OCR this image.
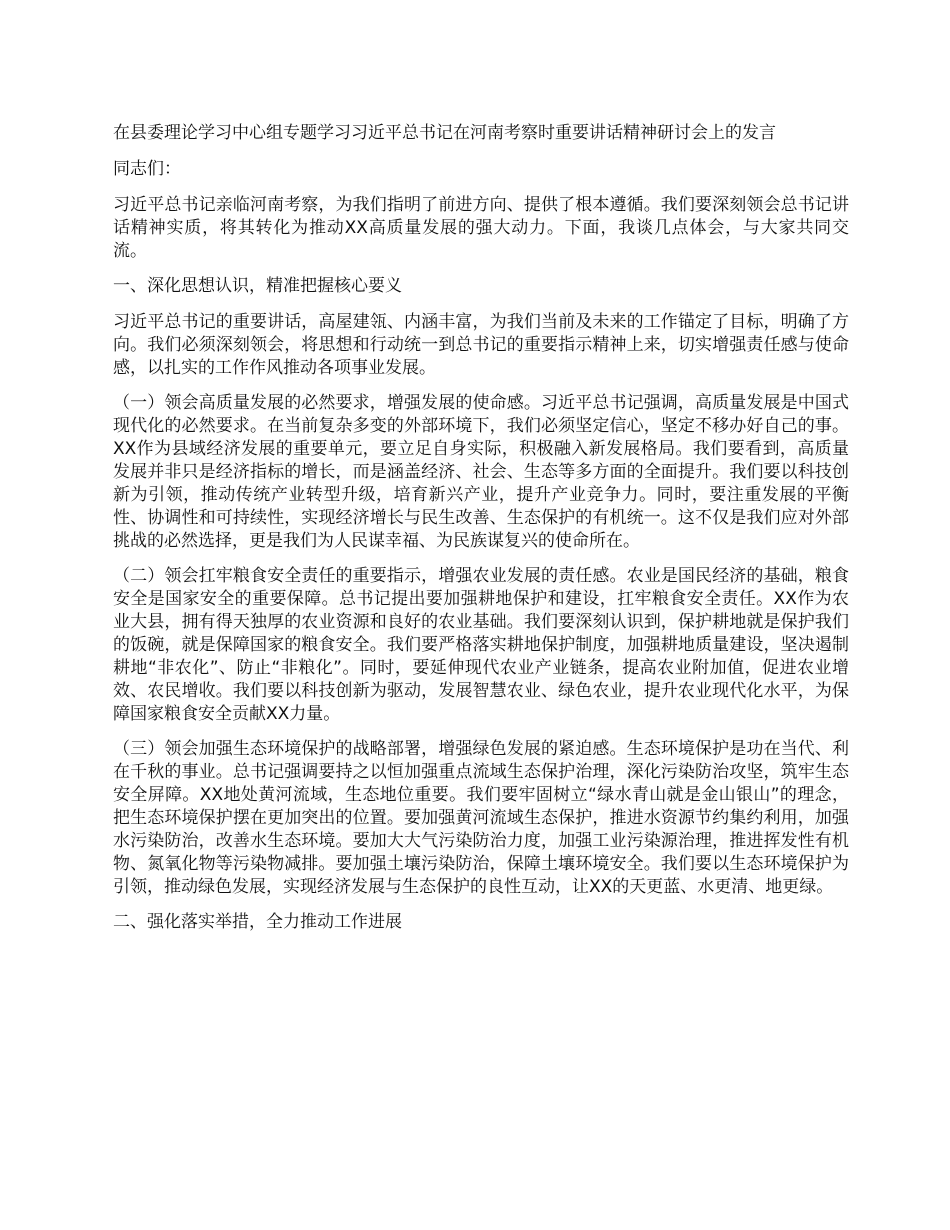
在县委理论学习中心组专题学习习近平总书记在河南考察时重要讲话精神研讨会上的发言

同志们：

习近平总书记亲临河南考察，为我们指明了前进方向、提供了根本遵循。我们要深刻领会总书记讲话精神实质，将其转化为推动XX高质量发展的强大动力。下面，我谈几点体会，与大家共同交流。

一、深化思想认识，精准把握核心要义

习近平总书记的重要讲话，高屋建瓴、内涵丰富，为我们当前及未来的工作锚定了目标，明确了方向。我们必须深刻领会，将思想和行动统一到总书记的重要指示精神上来，切实增强责任感与使命感，以扎实的工作作风推动各项事业发展。

（一）领会高质量发展的必然要求，增强发展的使命感。习近平总书记强调，高质量发展是中国式现代化的必然要求。在当前复杂多变的外部环境下，我们必须坚定信心，坚定不移办好自己的事。XX作为县域经济发展的重要单元，要立足自身实际，积极融入新发展格局。我们要看到，高质量发展并非只是经济指标的增长，而是涵盖经济、社会、生态等多方面的全面提升。我们要以科技创新为引领，推动传统产业转型升级，培育新兴产业，提升产业竞争力。同时，要注重发展的平衡性、协调性和可持续性，实现经济增长与民生改善、生态保护的有机统一。这不仅是我们应对外部挑战的必然选择，更是我们为人民谋幸福、为民族谋复兴的使命所在。

（二）领会扛牢粮食安全责任的重要指示，增强农业发展的责任感。农业是国民经济的基础，粮食安全是国家安全的重要保障。总书记提出要加强耕地保护和建设，扛牢粮食安全责任。XX作为农业大县，拥有得天独厚的农业资源和良好的农业基础。我们要深刻认识到，保护耕地就是保护我们的饭碗，就是保障国家的粮食安全。我们要严格落实耕地保护制度，加强耕地质量建设，坚决遏制耕地“非农化”、防止“非粮化”。同时，要延伸现代农业产业链条，提高农业附加值，促进农业增效、农民增收。我们要以科技创新为驱动，发展智慧农业、绿色农业，提升农业现代化水平，为保障国家粮食安全贡献XX力量。

（三）领会加强生态环境保护的战略部署，增强绿色发展的紧迫感。生态环境保护是功在当代、利在千秋的事业。总书记强调要持之以恒加强重点流域生态保护治理，深化污染防治攻坚，筑牢生态安全屏障。XX地处黄河流域，生态地位重要。我们要牢固树立“绿水青山就是金山银山”的理念，把生态环境保护摆在更加突出的位置。要加强黄河流域生态保护，推进水资源节约集约利用，加强水污染防治，改善水生态环境。要加大大气污染防治力度，加强工业污染源治理，推进挥发性有机物、氮氧化物等污染物减排。要加强土壤污染防治，保障土壤环境安全。我们要以生态环境保护为引领，推动绿色发展，实现经济发展与生态保护的良性互动，让XX的天更蓝、水更清、地更绿。

二、强化落实举措，全力推动工作进展
